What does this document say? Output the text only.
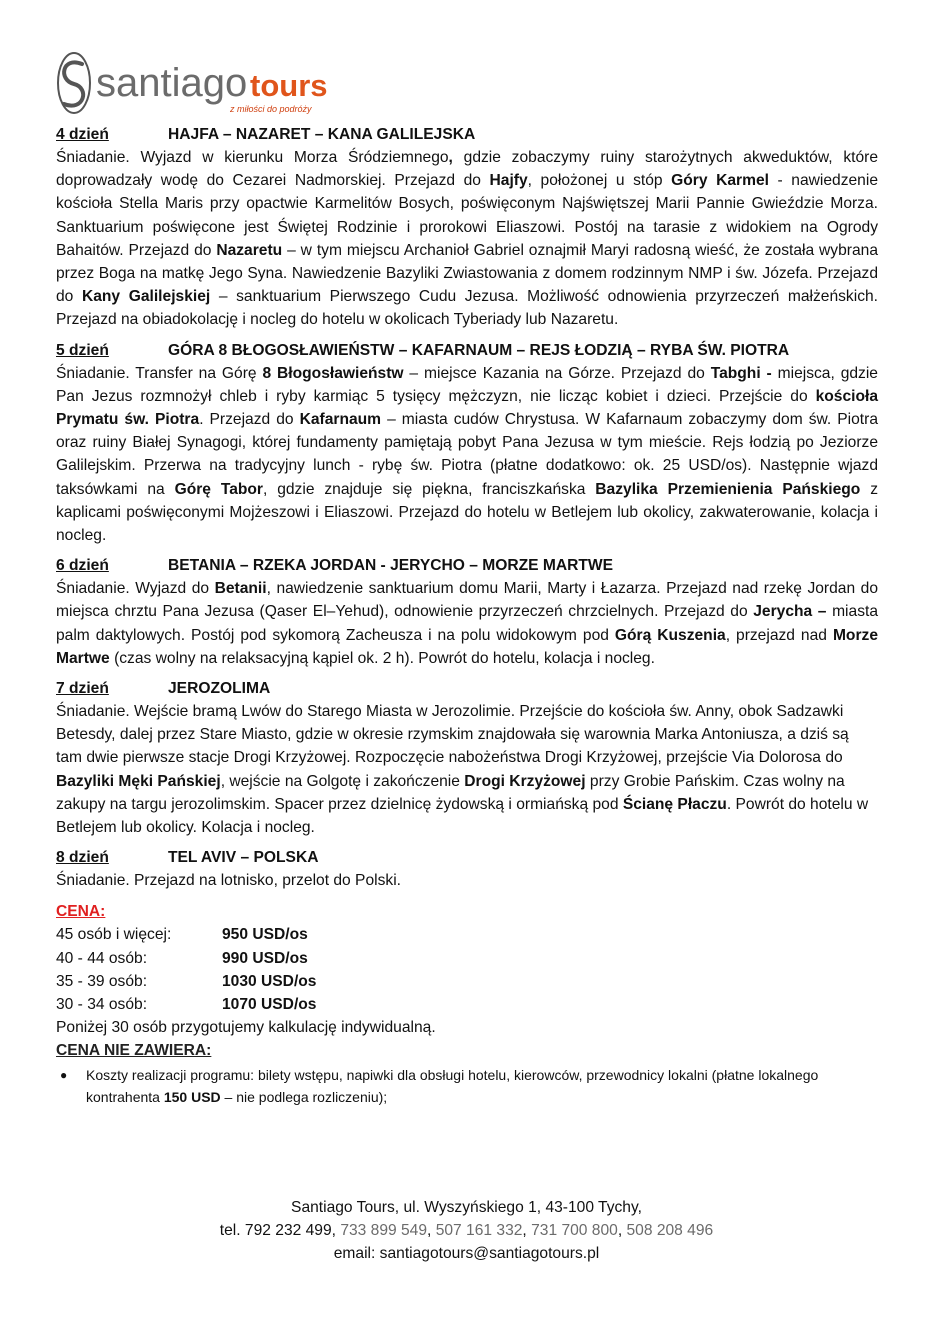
santiago tours
z miłości do podróży
4 dzień	HAJFA – NAZARET – KANA GALILEJSKA
Śniadanie. Wyjazd w kierunku Morza Śródziemnego, gdzie zobaczymy ruiny starożytnych akweduktów, które doprowadzały wodę do Cezarei Nadmorskiej. Przejazd do Hajfy, położonej u stóp Góry Karmel - nawiedzenie kościoła Stella Maris przy opactwie Karmelitów Bosych, poświęconym Najświętszej Marii Pannie Gwieździe Morza. Sanktuarium poświęcone jest Świętej Rodzinie i prorokowi Eliaszowi. Postój na tarasie z widokiem na Ogrody Bahaitów. Przejazd do Nazaretu – w tym miejscu Archanioł Gabriel oznajmił Maryi radosną wieść, że została wybrana przez Boga na matkę Jego Syna. Nawiedzenie Bazyliki Zwiastowania z domem rodzinnym NMP i św. Józefa. Przejazd do Kany Galilejskiej – sanktuarium Pierwszego Cudu Jezusa. Możliwość odnowienia przyrzeczeń małżeńskich. Przejazd na obiadokolację i nocleg do hotelu w okolicach Tyberiady lub Nazaretu.
5 dzień	GÓRA 8 BŁOGOSŁAWIEŃSTW – KAFARNAUM – REJS ŁODZIĄ – RYBA ŚW. PIOTRA
Śniadanie. Transfer na Górę 8 Błogosławieństw – miejsce Kazania na Górze. Przejazd do Tabghi - miejsca, gdzie Pan Jezus rozmnożył chleb i ryby karmiąc 5 tysięcy mężczyzn, nie licząc kobiet i dzieci. Przejście do kościoła Prymatu św. Piotra. Przejazd do Kafarnaum – miasta cudów Chrystusa. W Kafarnaum zobaczymy dom św. Piotra oraz ruiny Białej Synagogi, której fundamenty pamiętają pobyt Pana Jezusa w tym mieście. Rejs łodzią po Jeziorze Galilejskim. Przerwa na tradycyjny lunch - rybę św. Piotra (płatne dodatkowo: ok. 25 USD/os). Następnie wjazd taksówkami na Górę Tabor, gdzie znajduje się piękna, franciszkańska Bazylika Przemienienia Pańskiego z kaplicami poświęconymi Mojżeszowi i Eliaszowi. Przejazd do hotelu w Betlejem lub okolicy, zakwaterowanie, kolacja i nocleg.
6 dzień	BETANIA – RZEKA JORDAN - JERYCHO – MORZE MARTWE
Śniadanie. Wyjazd do Betanii, nawiedzenie sanktuarium domu Marii, Marty i Łazarza. Przejazd nad rzekę Jordan do miejsca chrztu Pana Jezusa (Qaser El–Yehud), odnowienie przyrzeczeń chrzcielnych. Przejazd do Jerycha – miasta palm daktylowych. Postój pod sykomorą Zacheusza i na polu widokowym pod Górą Kuszenia, przejazd nad Morze Martwe (czas wolny na relaksacyjną kąpiel ok. 2 h). Powrót do hotelu, kolacja i nocleg.
7 dzień	JEROZOLIMA
Śniadanie. Wejście bramą Lwów do Starego Miasta w Jerozolimie. Przejście do kościoła św. Anny, obok Sadzawki Betesdy, dalej przez Stare Miasto, gdzie w okresie rzymskim znajdowała się warownia Marka Antoniusza, a dziś są tam dwie pierwsze stacje Drogi Krzyżowej. Rozpoczęcie nabożeństwa Drogi Krzyżowej, przejście Via Dolorosa do Bazyliki Męki Pańskiej, wejście na Golgotę i zakończenie Drogi Krzyżowej przy Grobie Pańskim. Czas wolny na zakupy na targu jerozolimskim. Spacer przez dzielnicę żydowską i ormiańską pod Ścianę Płaczu. Powrót do hotelu w Betlejem lub okolicy. Kolacja i nocleg.
8 dzień	TEL AVIV – POLSKA
Śniadanie. Przejazd na lotnisko, przelot do Polski.
CENA:
45 osób i więcej:	950 USD/os
40 - 44 osób:	990 USD/os
35 - 39 osób:	1030 USD/os
30 - 34 osób:	1070 USD/os
Poniżej 30 osób przygotujemy kalkulację indywidualną.
CENA NIE ZAWIERA:
●	Koszty realizacji programu: bilety wstępu, napiwki dla obsługi hotelu, kierowców, przewodnicy lokalni (płatne lokalnego kontrahenta 150 USD – nie podlega rozliczeniu);
Santiago Tours, ul. Wyszyńskiego 1, 43-100 Tychy,
tel. 792 232 499, 733 899 549, 507 161 332, 731 700 800, 508 208 496
email: santiagotours@santiagotours.pl
